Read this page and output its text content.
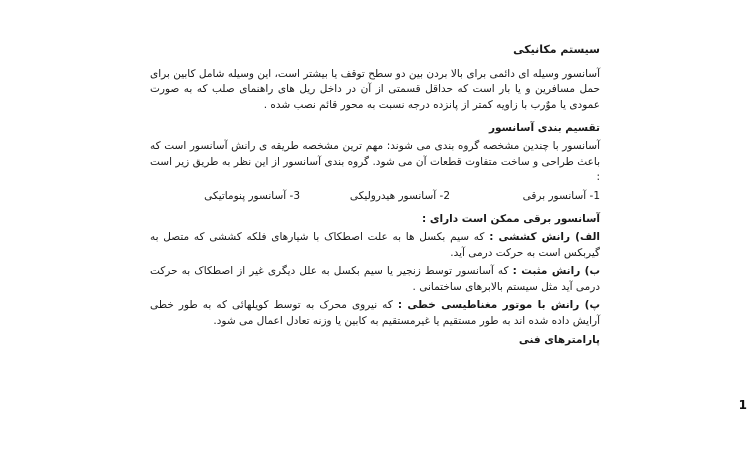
سیستم مکانیکی

آسانسور وسیله ای دائمی برای بالا بردن بین دو سطح توقف یا بیشتر است، این وسیله شامل کابین برای حمل مسافرین و یا بار است که حداقل قسمتی از آن در داخل ریل های راهنمای صلب که به صورت عمودی یا موٌرب با زاویه کمتر از پانزده درجه نسبت به محور قائم نصب شده .

تقسیم بندی آسانسور

آسانسور با چندین مشخصه گروه بندی می شوند: مهم ترین مشخصه طریقه ی رانش آسانسور است که باعث طراحی و ساخت متفاوت قطعات آن می شود. گروه بندی آسانسور از این نظر به طریق زیر است :

1- آسانسور برقی
2- آسانسور هیدرولیکی
3- آسانسور پنوماتیکی
آسانسور برقی ممکن است دارای :

الف) رانش کششی : که سیم بکسل ها به علت اصطکاک با شیارهای فلکه کششی که متصل به گیربکس است به حرکت درمی آید.

ب) رانش مثبت : که آسانسور توسط زنجیر یا سیم بکسل به علل دیگری غیر از اصطکاک به حرکت درمی آید مثل سیستم بالابرهای ساختمانی .

پ) رانش با موتور مغناطیسی خطی : که نیروی محرک به توسط کویلهائی که به طور خطی آرایش داده شده اند به طور مستقیم یا غیرمستقیم به کابین یا وزنه تعادل اعمال می شود.

پارامترهای فنی
1
